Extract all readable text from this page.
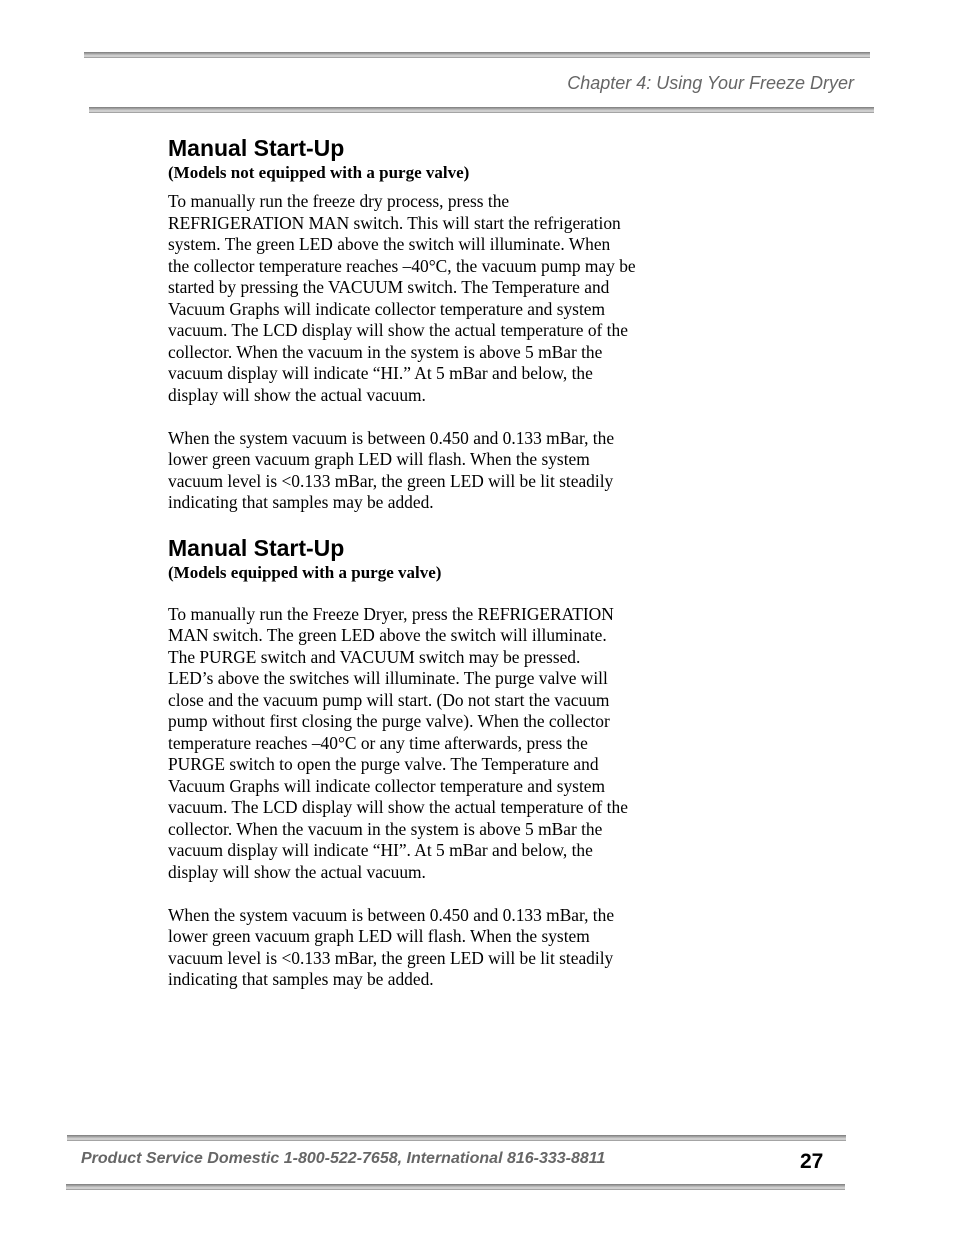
Chapter 4: Using Your Freeze Dryer
Manual Start-Up

(Models not equipped with a purge valve)

To manually run the freeze dry process, press the
REFRIGERATION MAN switch. This will start the refrigeration
system. The green LED above the switch will illuminate. When
the collector temperature reaches –40°C, the vacuum pump may be
started by pressing the VACUUM switch. The Temperature and
Vacuum Graphs will indicate collector temperature and system
vacuum. The LCD display will show the actual temperature of the
collector. When the vacuum in the system is above 5 mBar the
vacuum display will indicate “HI.” At 5 mBar and below, the
display will show the actual vacuum.

When the system vacuum is between 0.450 and 0.133 mBar, the
lower green vacuum graph LED will flash. When the system
vacuum level is <0.133 mBar, the green LED will be lit steadily
indicating that samples may be added.

Manual Start-Up

(Models equipped with a purge valve)

To manually run the Freeze Dryer, press the REFRIGERATION
MAN switch. The green LED above the switch will illuminate.
The PURGE switch and VACUUM switch may be pressed.
LED’s above the switches will illuminate. The purge valve will
close and the vacuum pump will start. (Do not start the vacuum
pump without first closing the purge valve). When the collector
temperature reaches –40°C or any time afterwards, press the
PURGE switch to open the purge valve. The Temperature and
Vacuum Graphs will indicate collector temperature and system
vacuum. The LCD display will show the actual temperature of the
collector. When the vacuum in the system is above 5 mBar the
vacuum display will indicate “HI”. At 5 mBar and below, the
display will show the actual vacuum.

When the system vacuum is between 0.450 and 0.133 mBar, the
lower green vacuum graph LED will flash. When the system
vacuum level is <0.133 mBar, the green LED will be lit steadily
indicating that samples may be added.

Product Service Domestic 1-800-522-7658, International 816-333-8811	27
